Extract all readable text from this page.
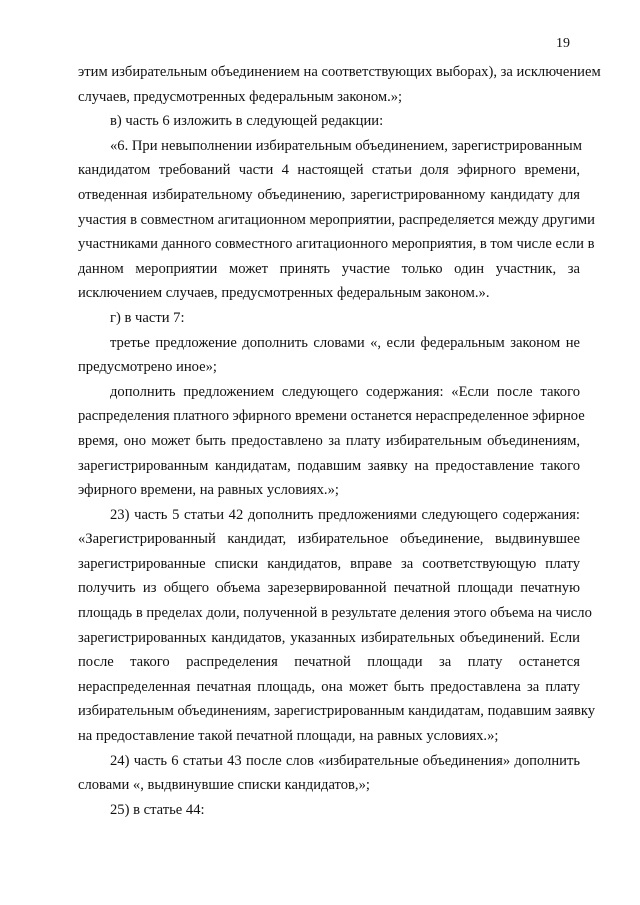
19
этим избирательным объединением на соответствующих выборах), за исключением
случаев, предусмотренных федеральным законом.»;
в) часть 6 изложить в следующей редакции:
«6. При невыполнении избирательным объединением, зарегистрированным
кандидатом требований части 4 настоящей статьи доля эфирного времени,
отведенная избирательному объединению, зарегистрированному кандидату для
участия в совместном агитационном мероприятии, распределяется между другими
участниками данного совместного агитационного мероприятия, в том числе если в
данном мероприятии может принять участие только один участник, за
исключением случаев, предусмотренных федеральным законом.».
г) в части 7:
третье предложение дополнить словами «, если федеральным законом не
предусмотрено иное»;
дополнить предложением следующего содержания: «Если после такого
распределения платного эфирного времени останется нераспределенное эфирное
время, оно может быть предоставлено за плату избирательным объединениям,
зарегистрированным кандидатам, подавшим заявку на предоставление такого
эфирного времени, на равных условиях.»;
23) часть 5 статьи 42 дополнить предложениями следующего содержания:
«Зарегистрированный кандидат, избирательное объединение, выдвинувшее
зарегистрированные списки кандидатов, вправе за соответствующую плату
получить из общего объема зарезервированной печатной площади печатную
площадь в пределах доли, полученной в результате деления этого объема на число
зарегистрированных кандидатов, указанных избирательных объединений. Если
после такого распределения печатной площади за плату останется
нераспределенная печатная площадь, она может быть предоставлена за плату
избирательным объединениям, зарегистрированным кандидатам, подавшим заявку
на предоставление такой печатной площади, на равных условиях.»;
24) часть 6 статьи 43 после слов «избирательные объединения» дополнить
словами «, выдвинувшие списки кандидатов,»;
25) в статье 44:
